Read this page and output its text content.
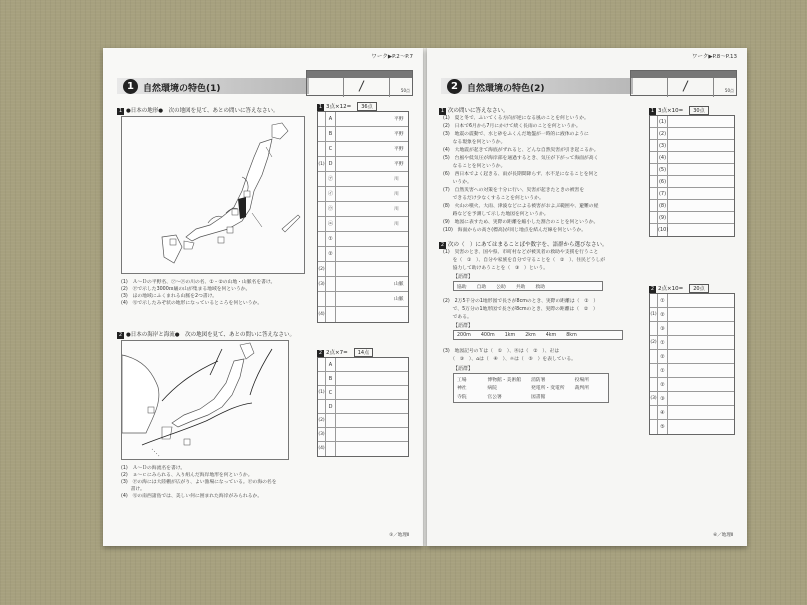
ワーク▶P.2〜P.7
1	自然環境の特色(1)	50点
1 ●日本の地形●　 次の地図を見て、あとの問いに答えなさい。
(1)　Ａ～Ｄの平野名、㋐～㋓の川の名、①・②の山地・山脈名を書け。
(2)　Ⓟで示した3000ｍ級の山が集まる地域を何というか。
(3)　ほの地域にふくまれる山脈を2つ書け。
(4)　Ⓠで示したみぞ状の地形になっているところを何というか。
2 ●日本の海岸と海流●　 次の地図を見て、あとの問いに答えなさい。
(1)　Ａ～Ｄの海流名を書け。
(2)　ａ～ｃにみられる、入り組んだ海岸地形を何というか。
(3)　Ⓟの海には大陸棚が広がり、よい漁場になっている。Ⓟの海の名を
　　書け。
(4)　Ⓠの南西諸島では、美しい何に囲まれた海岸がみられるか。
1 3点×12= 36点
A	平野
B	平野
C	平野
(1) D	平野
㋐	川
㋑	川
㋒	川
㋓	川
①
②
(2)
(3)	山脈
山脈
(4)
2 2点×7= 14点
A
B
(1) C
D
(2)
(3)
(4)
⑤／地理Ⅱ
ワーク▶P.8〜P.13
2	自然環境の特色(2)	50点
1 次の問いに答えなさい。
(1)　夏と冬で、ふいてくる方向が逆になる風のことを何というか。
(2)　日本で6月から7月にかけて続く長雨のことを何というか。
(3)　地震の震動で、水と砂をふくんだ地盤が一時的に液体のように
　　なる現象を何というか。
(4)　大地震が起きて海底がずれると、どんな自然災害が引き起こるか。
(5)　台風や低気圧が海岸部を通過するとき、気圧が下がって海面が高く
　　なることを何というか。
(6)　西日本でよく起きる、雨が長期間降らず、水不足になることを何と
　　いうか。
(7)　自然災害への対策を十分に行い、災害が起きたときの被害を
　　できるだけ少なくすることを何というか。
(8)　火山の噴火、大雨、津波などによる被害がおよぶ範囲や、避難の経
　　路などを予測して示した地図を何というか。
(9)　地図に表すため、実際の距離を縮小した割合のことを何というか。
(10)　海面からの高さ(標高)が同じ地点を結んだ線を何というか。
2 次の（　）にあてはまることばや数字を、語群から選びなさい。
(1)　災害のとき、国や県、市町村などが被災者の救助や支援を行うこと
　　を（　①　）、自分や家族を自分で守ることを（　②　）、住民どうしが
　　協力して助けあうことを（　③　）という。
【語群】
協助 自助 公助 共助 救助
(2)　2万5千分の1地形図で長さが8cmのとき、実際の距離は（　①　）
　　で、5万分の1地形図で長さが8cmのとき、実際の距離は（　②　）
　　である。
【語群】
200m 400m 1km 2km 4km 8km
(3)　地図記号のＹは（　①　）、㊍は（　②　）、卍は
　　（　③　）、⌂は（　④　）、☼は（　⑤　）を表している。
【語群】
工場	博物館・美術館 消防署	役場所
神社	病院	発電所・変電所 裁判所
寺院	官公署	図書館
1 3点×10= 30点
(1)
(2)
(3)
(4)
(5)
(6)
(7)
(8)
(9)
(10)
2 2点×10= 20点
①
(1) ②
③
(2) ①
②
①
②
(3) ③
④
⑤
⑥／地理Ⅱ
